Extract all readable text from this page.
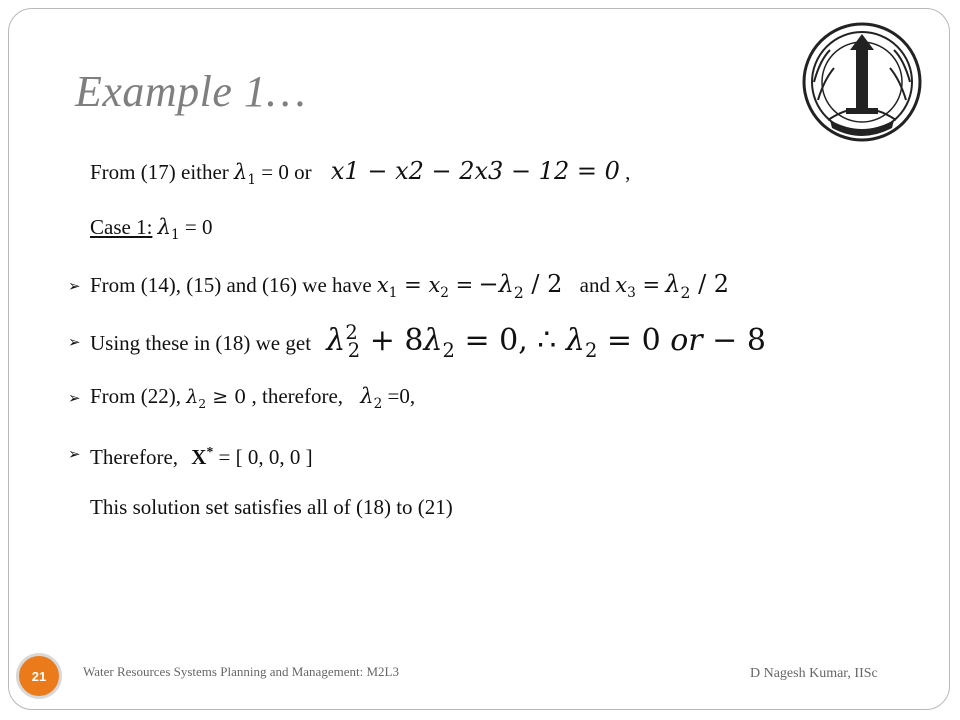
Example 1…
From (17) either $\lambda_1 = 0$ or x1 − x2 − 2x3 − 12 = 0 ,
Case 1: $\lambda_1 = 0$
➢ From (14), (15) and (16) we have $x_1 = x_2 = -\lambda_2 / 2$ and $x_3 = \lambda_2 / 2$
➢ Using these in (18) we get $\lambda^2_2 + 8\lambda_2 = 0$, ∴ $\lambda_2 = 0$ or − 8
➢ From (22), $\lambda_2 \ge 0$ , therefore, $\lambda_2 =0$,
➢ Therefore, X* = [ 0, 0, 0 ]
This solution set satisfies all of (18) to (21)
21	Water Resources Systems Planning and Management: M2L3	D Nagesh Kumar, IISc
